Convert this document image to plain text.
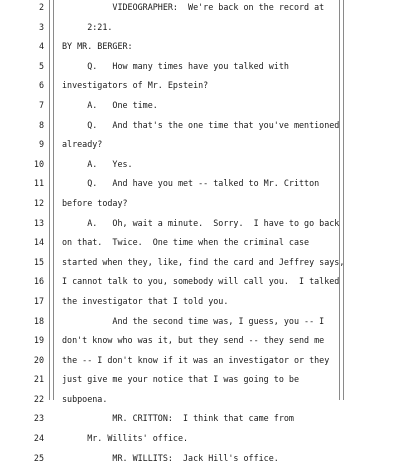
2 VIDEOGRAPHER:  We're back on the record at
3 2:21.
4 BY MR. BERGER:
5 Q.   How many times have you talked with
6 investigators of Mr. Epstein?
7 A.   One time.
8 Q.   And that's the one time that you've mentioned
9 already?
10 A.   Yes.
11 Q.   And have you met -- talked to Mr. Critton
12 before today?
13 A.   Oh, wait a minute.  Sorry.  I have to go back
14 on that.  Twice.  One time when the criminal case
15 started when they, like, find the card and Jeffrey says,
16 I cannot talk to you, somebody will call you.  I talked
17 the investigator that I told you.
18 And the second time was, I guess, you -- I
19 don't know who was it, but they send -- they send me
20 the -- I don't know if it was an investigator or they
21 just give me your notice that I was going to be
22 subpoena.
23 MR. CRITTON:  I think that came from
24 Mr. Willits' office.
25 MR. WILLITS:  Jack Hill's office.
